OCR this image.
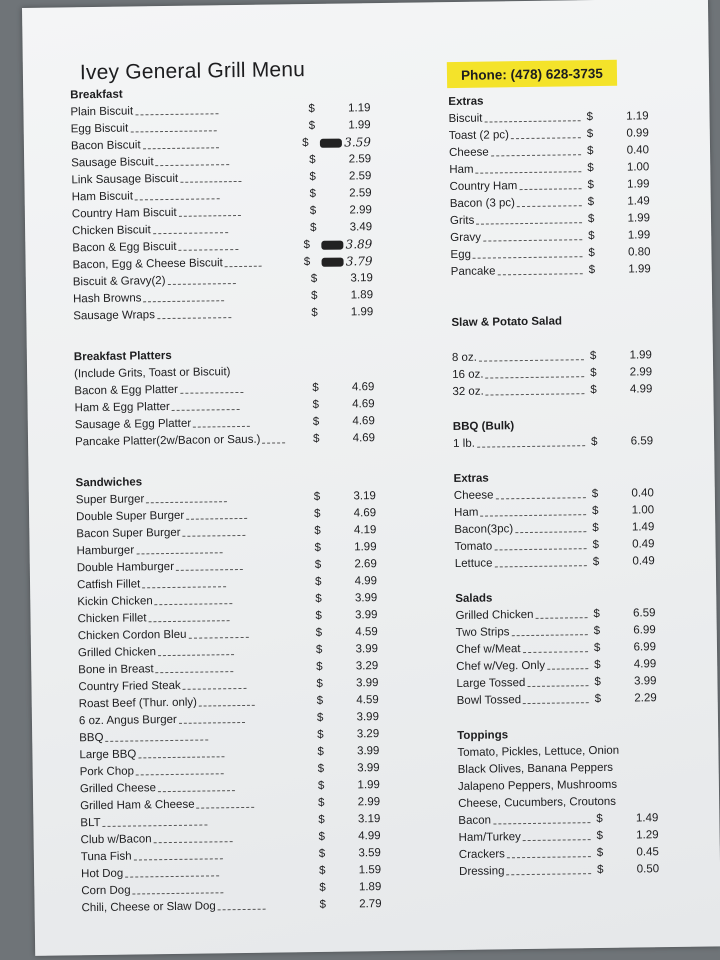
Ivey General Grill Menu	Phone: (478) 628-3735
Breakfast
Plain Biscuit	$	1.19
Egg Biscuit	$	1.99
Bacon Biscuit	$	3.59
Sausage Biscuit	$	2.59
Link Sausage Biscuit	$	2.59
Ham Biscuit	$	2.59
Country Ham Biscuit	$	2.99
Chicken Biscuit	$	3.49
Bacon & Egg Biscuit	$	3.89
Bacon, Egg & Cheese Biscuit	$	3.79
Biscuit & Gravy(2)	$	3.19
Hash Browns	$	1.89
Sausage Wraps	$	1.99
Breakfast Platters
(Include Grits, Toast or Biscuit)
Bacon & Egg Platter	$	4.69
Ham & Egg Platter	$	4.69
Sausage & Egg Platter	$	4.69
Pancake Platter(2w/Bacon or Saus.)	$	4.69
Sandwiches
Super Burger	$	3.19
Double Super Burger	$	4.69
Bacon Super Burger	$	4.19
Hamburger	$	1.99
Double Hamburger	$	2.69
Catfish Fillet	$	4.99
Kickin Chicken	$	3.99
Chicken Fillet	$	3.99
Chicken Cordon Bleu	$	4.59
Grilled Chicken	$	3.99
Bone in Breast	$	3.29
Country Fried Steak	$	3.99
Roast Beef (Thur. only)	$	4.59
6 oz. Angus Burger	$	3.99
BBQ	$	3.29
Large BBQ	$	3.99
Pork Chop	$	3.99
Grilled Cheese	$	1.99
Grilled Ham & Cheese	$	2.99
BLT	$	3.19
Club w/Bacon	$	4.99
Tuna Fish	$	3.59
Hot Dog	$	1.59
Corn Dog	$	1.89
Chili, Cheese or Slaw Dog	$	2.79
Extras
Biscuit	$	1.19
Toast (2 pc)	$	0.99
Cheese	$	0.40
Ham	$	1.00
Country Ham	$	1.99
Bacon (3 pc)	$	1.49
Grits	$	1.99
Gravy	$	1.99
Egg	$	0.80
Pancake	$	1.99
Slaw & Potato Salad
8 oz.	$	1.99
16 oz.	$	2.99
32 oz.	$	4.99
BBQ (Bulk)
1 lb.	$	6.59
Extras
Cheese	$	0.40
Ham	$	1.00
Bacon(3pc)	$	1.49
Tomato	$	0.49
Lettuce	$	0.49
Salads
Grilled Chicken	$	6.59
Two Strips	$	6.99
Chef w/Meat	$	6.99
Chef w/Veg. Only	$	4.99
Large Tossed	$	3.99
Bowl Tossed	$	2.29
Toppings
Tomato, Pickles, Lettuce, Onion
Black Olives, Banana Peppers
Jalapeno Peppers, Mushrooms
Cheese, Cucumbers, Croutons
Bacon	$	1.49
Ham/Turkey	$	1.29
Crackers	$	0.45
Dressing	$	0.50
